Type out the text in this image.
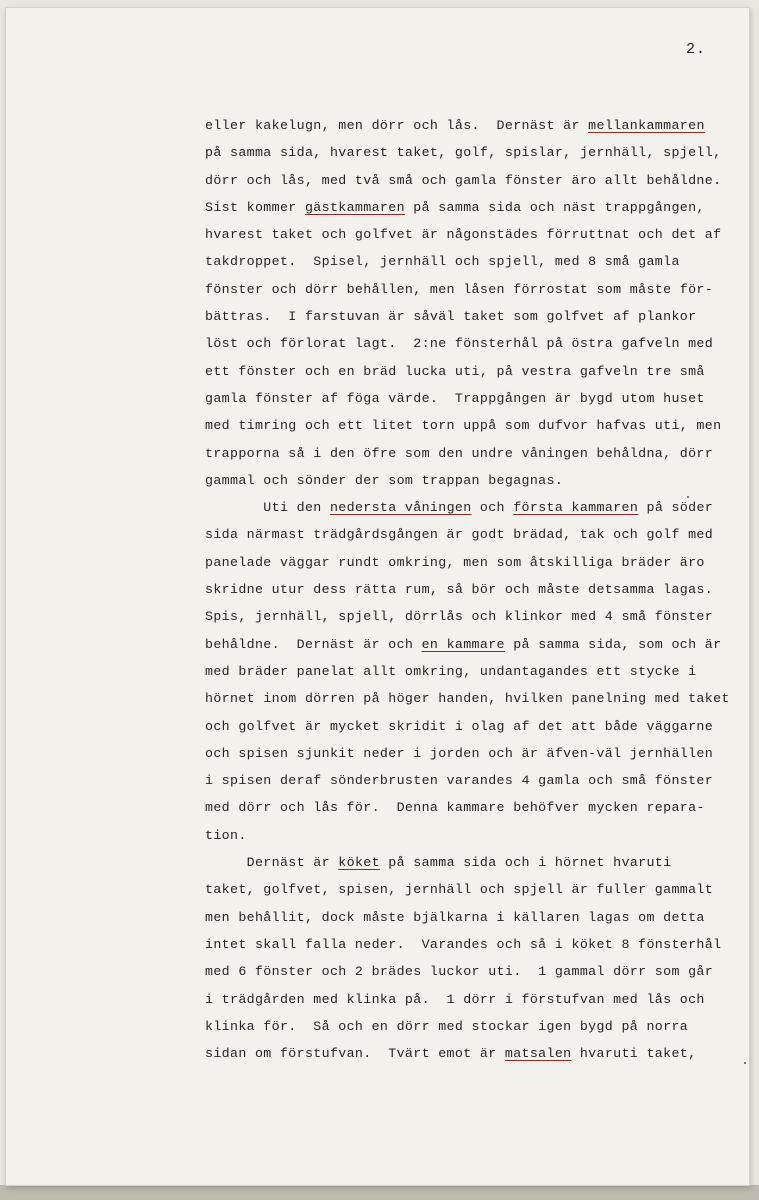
2.
eller kakelugn, men dörr och lås.  Dernäst är mellankammaren
på samma sida, hvarest taket, golf, spislar, jernhäll, spjell,
dörr och lås, med två små och gamla fönster äro allt behåldne.
Sist kommer gästkammaren på samma sida och näst trappgången,
hvarest taket och golfvet är någonstädes förruttnat och det af
takdroppet.  Spisel, jernhäll och spjell, med 8 små gamla
fönster och dörr behållen, men låsen förrostat som måste för-
bättras.  I farstuvan är såväl taket som golfvet af plankor
löst och förlorat lagt.  2:ne fönsterhål på östra gafveln med
ett fönster och en bräd lucka uti, på vestra gafveln tre små
gamla fönster af föga värde.  Trappgången är bygd utom huset
med timring och ett litet torn uppå som dufvor hafvas uti, men
trapporna så i den öfre som den undre våningen behåldna, dörr
gammal och sönder der som trappan begagnas.
Uti den nedersta våningen och första kammaren på söder
sida närmast trädgårdsgången är godt brädad, tak och golf med
panelade väggar rundt omkring, men som åtskilliga bräder äro
skridne utur dess rätta rum, så bör och måste detsamma lagas.
Spis, jernhäll, spjell, dörrlås och klinkor med 4 små fönster
behåldne.  Dernäst är och en kammare på samma sida, som och är
med bräder panelat allt omkring, undantagandes ett stycke i
hörnet inom dörren på höger handen, hvilken panelning med taket
och golfvet är mycket skridit i olag af det att både väggarne
och spisen sjunkit neder i jorden och är äfven-väl jernhällen
i spisen deraf sönderbrusten varandes 4 gamla och små fönster
med dörr och lås för.  Denna kammare behöfver mycken repara-
tion.
Dernäst är köket på samma sida och i hörnet hvaruti
taket, golfvet, spisen, jernhäll och spjell är fuller gammalt
men behållit, dock måste bjälkarna i källaren lagas om detta
intet skall falla neder.  Varandes och så i köket 8 fönsterhål
med 6 fönster och 2 brädes luckor uti.  1 gammal dörr som går
i trädgården med klinka på.  1 dörr i förstufvan med lås och
klinka för.  Så och en dörr med stockar igen bygd på norra
sidan om förstufvan.  Tvärt emot är matsalen hvaruti taket,
